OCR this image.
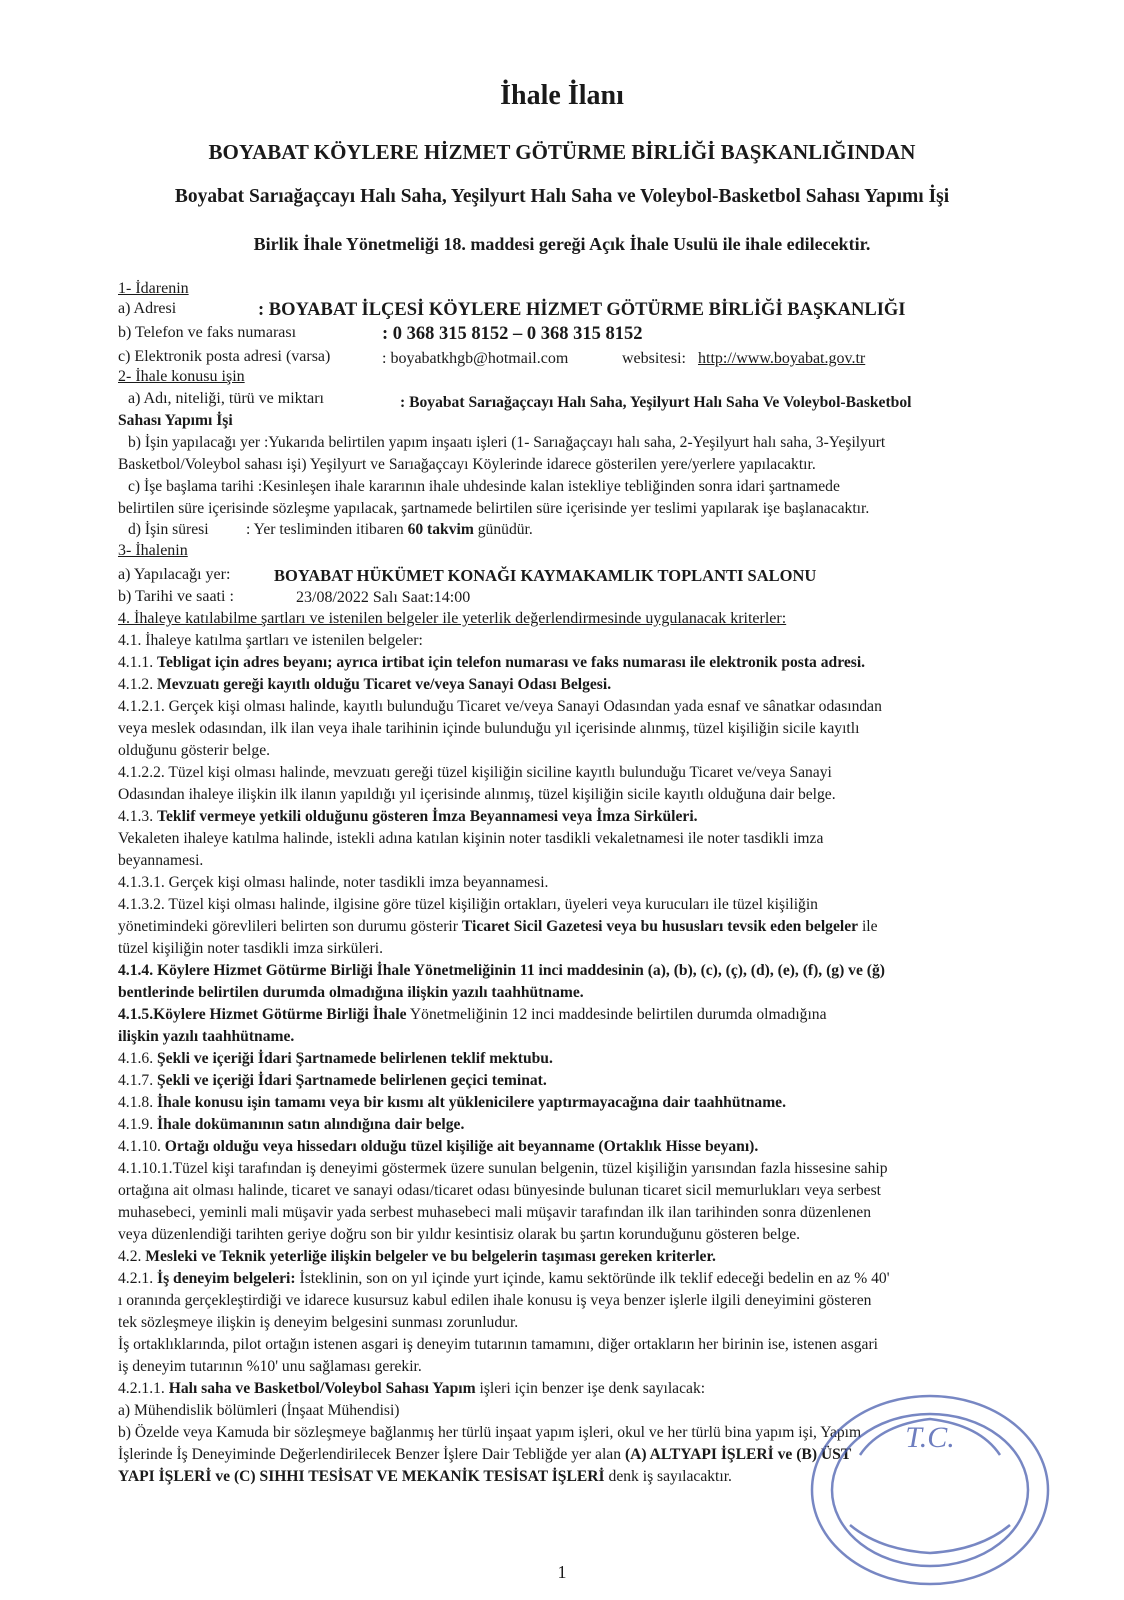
İhale İlanı
BOYABAT KÖYLERE HİZMET GÖTÜRME BİRLİĞİ BAŞKANLIĞINDAN
Boyabat Sarıağaçcayı Halı Saha, Yeşilyurt Halı Saha ve Voleybol-Basketbol Sahası Yapımı İşi
Birlik İhale Yönetmeliği 18. maddesi gereği Açık İhale Usulü ile ihale edilecektir.
1- İdarenin
a) Adresi	: BOYABAT İLÇESİ KÖYLERE HİZMET GÖTÜRME BİRLİĞİ BAŞKANLIĞI
b) Telefon ve faks numarası	: 0 368 315 8152 – 0 368 315 8152
c) Elektronik posta adresi (varsa)	: boyabatkhgb@hotmail.com	websitesi: http://www.boyabat.gov.tr
2- İhale konusu işin
a) Adı, niteliği, türü ve miktarı	: Boyabat Sarıağaçcayı Halı Saha, Yeşilyurt Halı Saha Ve Voleybol-Basketbol
Sahası Yapımı İşi
b) İşin yapılacağı yer :Yukarıda belirtilen yapım inşaatı işleri (1- Sarıağaçcayı halı saha, 2-Yeşilyurt halı saha, 3-Yeşilyurt
Basketbol/Voleybol sahası işi) Yeşilyurt ve Sarıağaçcayı Köylerinde idarece gösterilen yere/yerlere yapılacaktır.
c) İşe başlama tarihi :Kesinleşen ihale kararının ihale uhdesinde kalan istekliye tebliğinden sonra idari şartnamede
belirtilen süre içerisinde sözleşme yapılacak, şartnamede belirtilen süre içerisinde yer teslimi yapılarak işe başlanacaktır.
d) İşin süresi : Yer tesliminden itibaren 60 takvim günüdür.
3- İhalenin
a) Yapılacağı yer:	BOYABAT HÜKÜMET KONAĞI KAYMAKAMLIK TOPLANTI SALONU
b) Tarihi ve saati :	23/08/2022 Salı Saat:14:00
4. İhaleye katılabilme şartları ve istenilen belgeler ile yeterlik değerlendirmesinde uygulanacak kriterler:
4.1. İhaleye katılma şartları ve istenilen belgeler:
4.1.1. Tebligat için adres beyanı; ayrıca irtibat için telefon numarası ve faks numarası ile elektronik posta adresi.
4.1.2. Mevzuatı gereği kayıtlı olduğu Ticaret ve/veya Sanayi Odası Belgesi.
4.1.2.1. Gerçek kişi olması halinde, kayıtlı bulunduğu Ticaret ve/veya Sanayi Odasından yada esnaf ve sânatkar odasından
veya meslek odasından, ilk ilan veya ihale tarihinin içinde bulunduğu yıl içerisinde alınmış, tüzel kişiliğin sicile kayıtlı
olduğunu gösterir belge.
4.1.2.2. Tüzel kişi olması halinde, mevzuatı gereği tüzel kişiliğin siciline kayıtlı bulunduğu Ticaret ve/veya Sanayi
Odasından ihaleye ilişkin ilk ilanın yapıldığı yıl içerisinde alınmış, tüzel kişiliğin sicile kayıtlı olduğuna dair belge.
4.1.3. Teklif vermeye yetkili olduğunu gösteren İmza Beyannamesi veya İmza Sirküleri.
Vekaleten ihaleye katılma halinde, istekli adına katılan kişinin noter tasdikli vekaletnamesi ile noter tasdikli imza
beyannamesi.
4.1.3.1. Gerçek kişi olması halinde, noter tasdikli imza beyannamesi.
4.1.3.2. Tüzel kişi olması halinde, ilgisine göre tüzel kişiliğin ortakları, üyeleri veya kurucuları ile tüzel kişiliğin
yönetimindeki görevlileri belirten son durumu gösterir Ticaret Sicil Gazetesi veya bu hususları tevsik eden belgeler ile
tüzel kişiliğin noter tasdikli imza sirküleri.
4.1.4. Köylere Hizmet Götürme Birliği İhale Yönetmeliğinin 11 inci maddesinin (a), (b), (c), (ç), (d), (e), (f), (g) ve (ğ)
bentlerinde belirtilen durumda olmadığına ilişkin yazılı taahhütname.
4.1.5.Köylere Hizmet Götürme Birliği İhale Yönetmeliğinin 12 inci maddesinde belirtilen durumda olmadığına
ilişkin yazılı taahhütname.
4.1.6. Şekli ve içeriği İdari Şartnamede belirlenen teklif mektubu.
4.1.7. Şekli ve içeriği İdari Şartnamede belirlenen geçici teminat.
4.1.8. İhale konusu işin tamamı veya bir kısmı alt yüklenicilere yaptırmayacağına dair taahhütname.
4.1.9. İhale dokümanının satın alındığına dair belge.
4.1.10. Ortağı olduğu veya hissedarı olduğu tüzel kişiliğe ait beyanname (Ortaklık Hisse beyanı).
4.1.10.1.Tüzel kişi tarafından iş deneyimi göstermek üzere sunulan belgenin, tüzel kişiliğin yarısından fazla hissesine sahip
ortağına ait olması halinde, ticaret ve sanayi odası/ticaret odası bünyesinde bulunan ticaret sicil memurlukları veya serbest
muhasebeci, yeminli mali müşavir yada serbest muhasebeci mali müşavir tarafından ilk ilan tarihinden sonra düzenlenen
veya düzenlendiği tarihten geriye doğru son bir yıldır kesintisiz olarak bu şartın korunduğunu gösteren belge.
4.2. Mesleki ve Teknik yeterliğe ilişkin belgeler ve bu belgelerin taşıması gereken kriterler.
4.2.1. İş deneyim belgeleri: İsteklinin, son on yıl içinde yurt içinde, kamu sektöründe ilk teklif edeceği bedelin en az % 40'
ı oranında gerçekleştirdiği ve idarece kusursuz kabul edilen ihale konusu iş veya benzer işlerle ilgili deneyimini gösteren
tek sözleşmeye ilişkin iş deneyim belgesini sunması zorunludur.
İş ortaklıklarında, pilot ortağın istenen asgari iş deneyim tutarının tamamını, diğer ortakların her birinin ise, istenen asgari
iş deneyim tutarının %10' unu sağlaması gerekir.
4.2.1.1. Halı saha ve Basketbol/Voleybol Sahası Yapım işleri için benzer işe denk sayılacak:
a) Mühendislik bölümleri (İnşaat Mühendisi)
b) Özelde veya Kamuda bir sözleşmeye bağlanmış her türlü inşaat yapım işleri, okul ve her türlü bina yapım işi, Yapım
İşlerinde İş Deneyiminde Değerlendirilecek Benzer İşlere Dair Tebliğde yer alan (A) ALTYAPI İŞLERİ ve (B) ÜST
YAPI İŞLERİ ve (C) SIHHI TESİSAT VE MEKANİK TESİSAT İŞLERİ denk iş sayılacaktır.
1
T.C.
